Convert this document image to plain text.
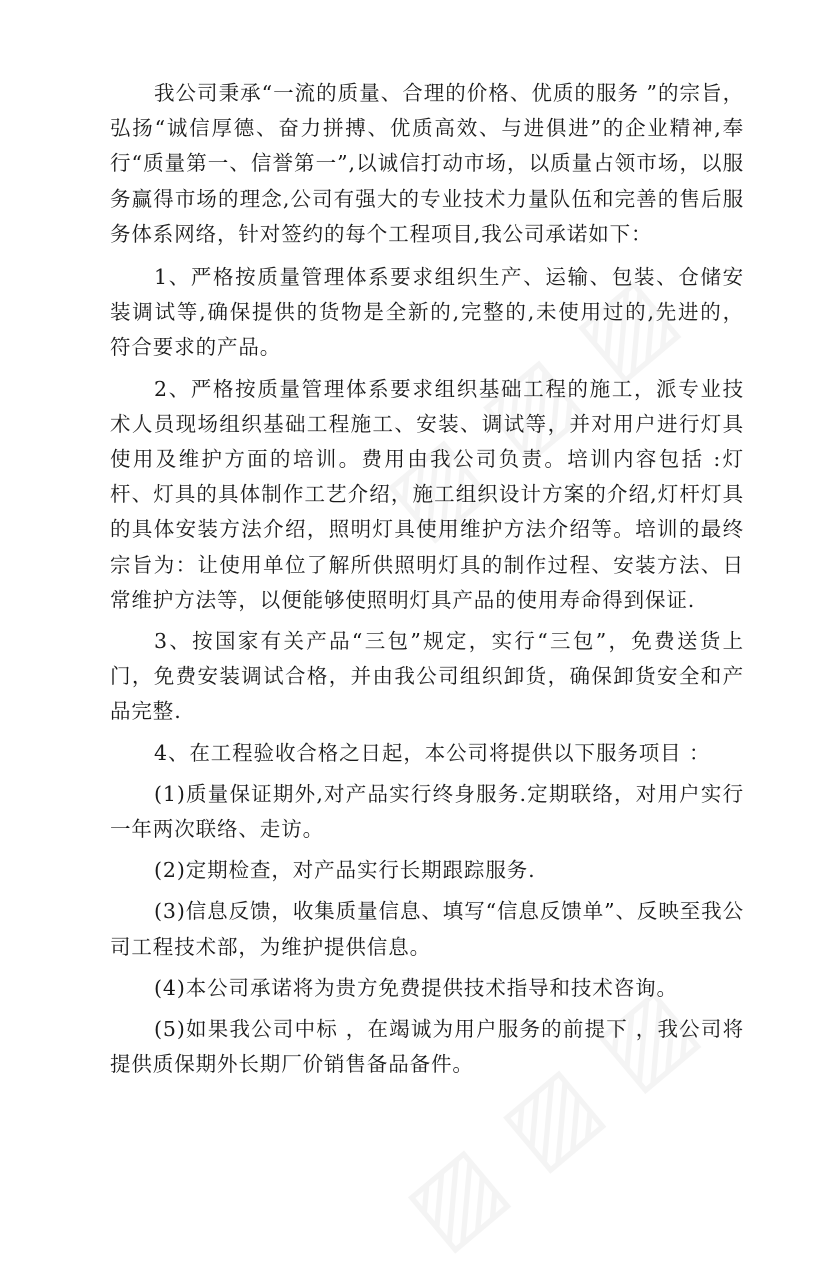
我公司秉承“一流的质量、合理的价格、优质的服务 ”的宗旨，弘扬“诚信厚德、奋力拼搏、优质高效、与进俱进”的企业精神,奉行“质量第一、信誉第一”,以诚信打动市场，以质量占领市场，以服务赢得市场的理念,公司有强大的专业技术力量队伍和完善的售后服务体系网络，针对签约的每个工程项目,我公司承诺如下：

1、严格按质量管理体系要求组织生产、运输、包装、仓储安装调试等,确保提供的货物是全新的,完整的,未使用过的,先进的， 符合要求的产品。

2、严格按质量管理体系要求组织基础工程的施工，派专业技术人员现场组织基础工程施工、安装、调试等，并对用户进行灯具使用及维护方面的培训。费用由我公司负责。培训内容包括 :灯杆、灯具的具体制作工艺介绍，施工组织设计方案的介绍,灯杆灯具的具体安装方法介绍，照明灯具使用维护方法介绍等。培训的最终宗旨为：让使用单位了解所供照明灯具的制作过程、安装方法、日常维护方法等，以便能够使照明灯具产品的使用寿命得到保证.

3、按国家有关产品“三包”规定，实行“三包”，免费送货上门，免费安装调试合格，并由我公司组织卸货，确保卸货安全和产品完整.

4、在工程验收合格之日起，本公司将提供以下服务项目 ：

(1)质量保证期外,对产品实行终身服务.定期联络，对用户实行一年两次联络、走访。

(2)定期检查，对产品实行长期跟踪服务.

(3)信息反馈，收集质量信息、填写“信息反馈单”、反映至我公司工程技术部，为维护提供信息。

(4)本公司承诺将为贵方免费提供技术指导和技术咨询。

(5)如果我公司中标 ，在竭诚为用户服务的前提下 ，我公司将提供质保期外长期厂价销售备品备件。
